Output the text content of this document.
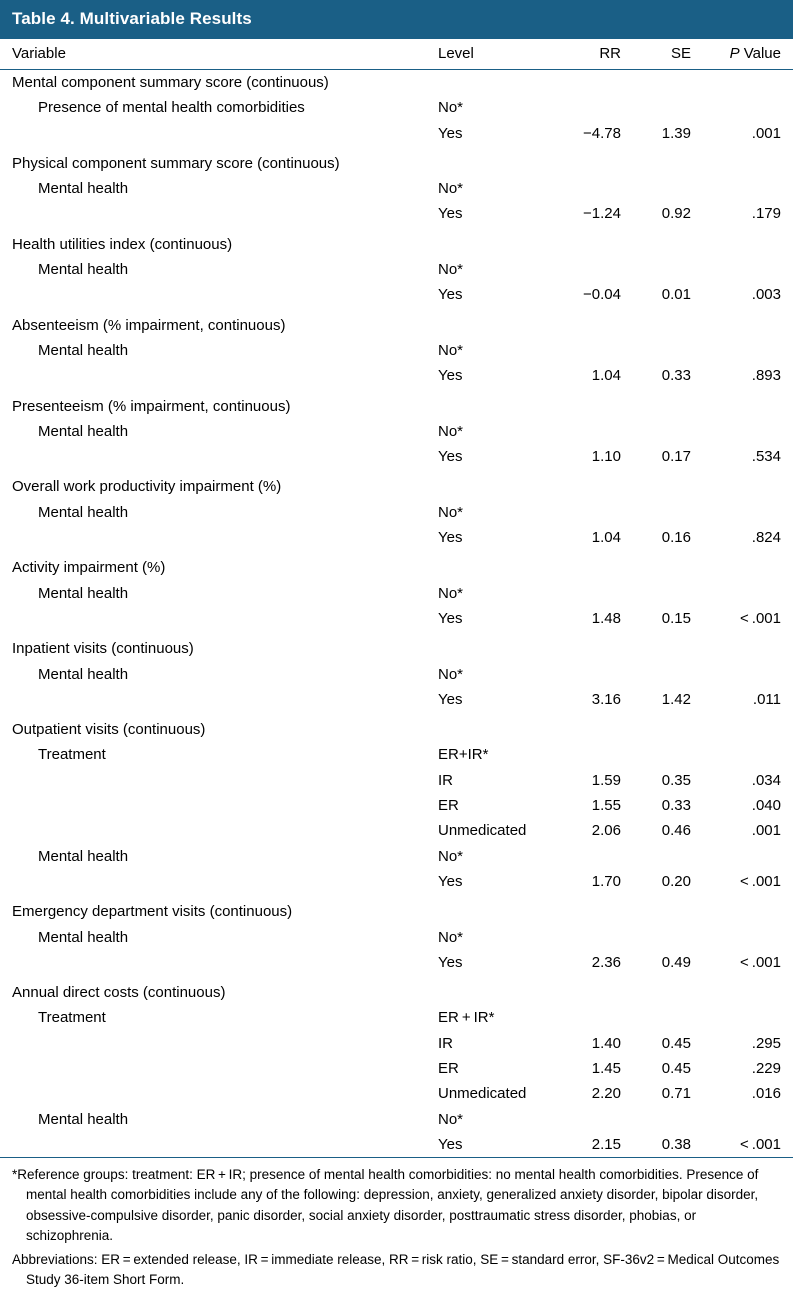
Table 4. Multivariable Results
Variable	Level	RR	SE	P Value
Mental component summary score (continuous)				
Presence of mental health comorbidities	No*			
	Yes	−4.78	1.39	.001
Physical component summary score (continuous)				
Mental health	No*			
	Yes	−1.24	0.92	.179
Health utilities index (continuous)				
Mental health	No*			
	Yes	−0.04	0.01	.003
Absenteeism (% impairment, continuous)				
Mental health	No*			
	Yes	1.04	0.33	.893
Presenteeism (% impairment, continuous)				
Mental health	No*			
	Yes	1.10	0.17	.534
Overall work productivity impairment (%)				
Mental health	No*			
	Yes	1.04	0.16	.824
Activity impairment (%)				
Mental health	No*			
	Yes	1.48	0.15	< .001
Inpatient visits (continuous)				
Mental health	No*			
	Yes	3.16	1.42	.011
Outpatient visits (continuous)				
Treatment	ER+IR*			
	IR	1.59	0.35	.034
	ER	1.55	0.33	.040
	Unmedicated	2.06	0.46	.001
Mental health	No*			
	Yes	1.70	0.20	< .001
Emergency department visits (continuous)				
Mental health	No*			
	Yes	2.36	0.49	< .001
Annual direct costs (continuous)				
Treatment	ER + IR*			
	IR	1.40	0.45	.295
	ER	1.45	0.45	.229
	Unmedicated	2.20	0.71	.016
Mental health	No*			
	Yes	2.15	0.38	< .001
*Reference groups: treatment: ER + IR; presence of mental health comorbidities: no mental health comorbidities. Presence of mental health comorbidities include any of the following: depression, anxiety, generalized anxiety disorder, bipolar disorder, obsessive-compulsive disorder, panic disorder, social anxiety disorder, posttraumatic stress disorder, phobias, or schizophrenia.
Abbreviations: ER = extended release, IR = immediate release, RR = risk ratio, SE = standard error, SF-36v2 = Medical Outcomes Study 36-item Short Form.
